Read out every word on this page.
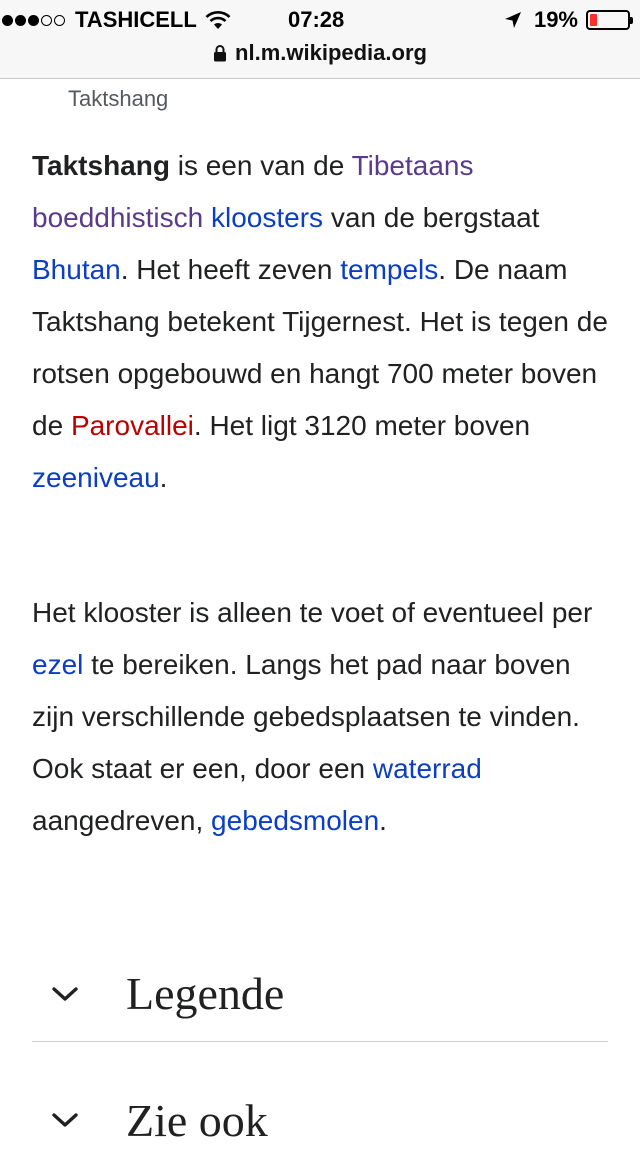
TASHICELL	07:28	19%
nl.m.wikipedia.org
Taktshang
Taktshang is een van de Tibetaans boeddhistisch kloosters van de bergstaat Bhutan. Het heeft zeven tempels. De naam Taktshang betekent Tijgernest. Het is tegen de rotsen opgebouwd en hangt 700 meter boven de Parovallei. Het ligt 3120 meter boven zeeniveau.
Het klooster is alleen te voet of eventueel per ezel te bereiken. Langs het pad naar boven zijn verschillende gebedsplaatsen te vinden. Ook staat er een, door een waterrad aangedreven, gebedsmolen.
Legende
Zie ook
